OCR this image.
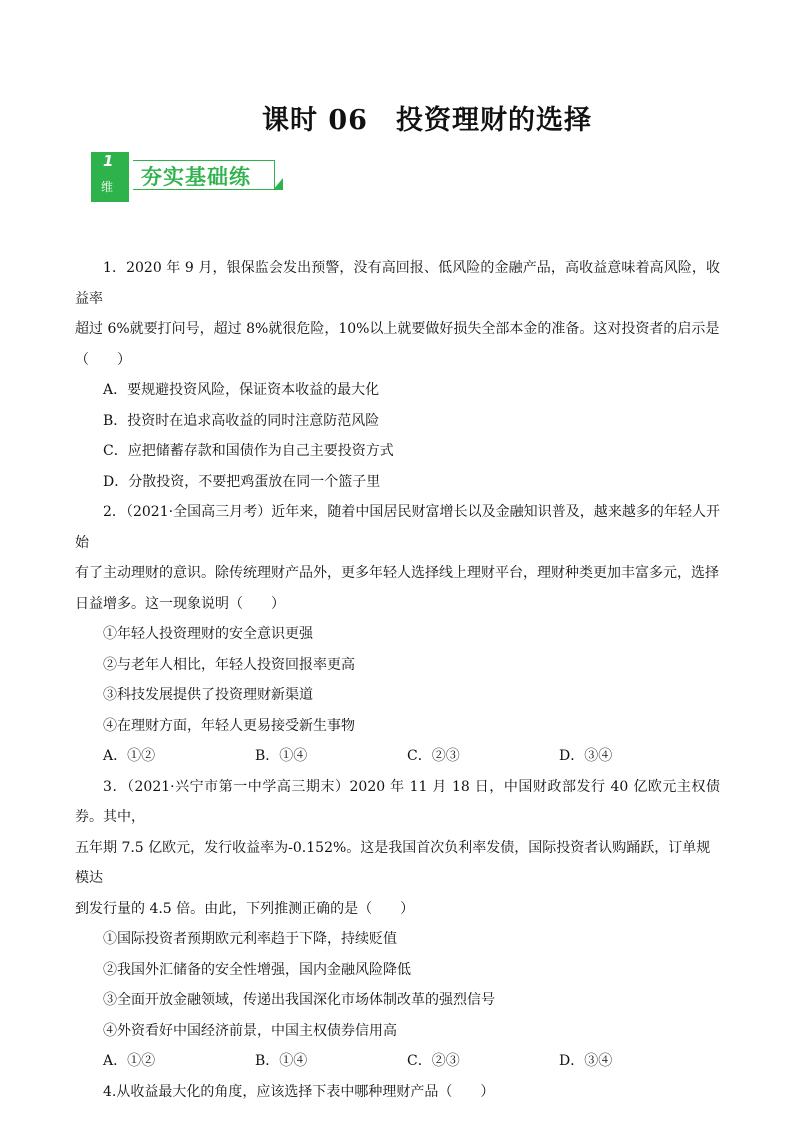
课时 06　投资理财的选择
1
维 夯实基础练

1．2020 年 9 月，银保监会发出预警，没有高回报、低风险的金融产品，高收益意味着高风险，收益率

超过 6%就要打问号，超过 8%就很危险，10%以上就要做好损失全部本金的准备。这对投资者的启示是

（　　）

A．要规避投资风险，保证资本收益的最大化

B．投资时在追求高收益的同时注意防范风险

C．应把储蓄存款和国债作为自己主要投资方式

D．分散投资，不要把鸡蛋放在同一个篮子里

2．（2021·全国高三月考）近年来，随着中国居民财富增长以及金融知识普及，越来越多的年轻人开始

有了主动理财的意识。除传统理财产品外，更多年轻人选择线上理财平台，理财种类更加丰富多元，选择

日益增多。这一现象说明（　　）

①年轻人投资理财的安全意识更强

②与老年人相比，年轻人投资回报率更高

③科技发展提供了投资理财新渠道

④在理财方面，年轻人更易接受新生事物

A．①②	B．①④	C．②③	D．③④

3．（2021·兴宁市第一中学高三期末）2020 年 11 月 18 日，中国财政部发行 40 亿欧元主权债券。其中，

五年期 7.5 亿欧元，发行收益率为-0.152%。这是我国首次负利率发债，国际投资者认购踊跃，订单规模达

到发行量的 4.5 倍。由此，下列推测正确的是（　　）

①国际投资者预期欧元利率趋于下降，持续贬值

②我国外汇储备的安全性增强，国内金融风险降低

③全面开放金融领域，传递出我国深化市场体制改革的强烈信号

④外资看好中国经济前景，中国主权债券信用高

A．①②	B．①④	C．②③	D．③④

4.从收益最大化的角度，应该选择下表中哪种理财产品（　　）
